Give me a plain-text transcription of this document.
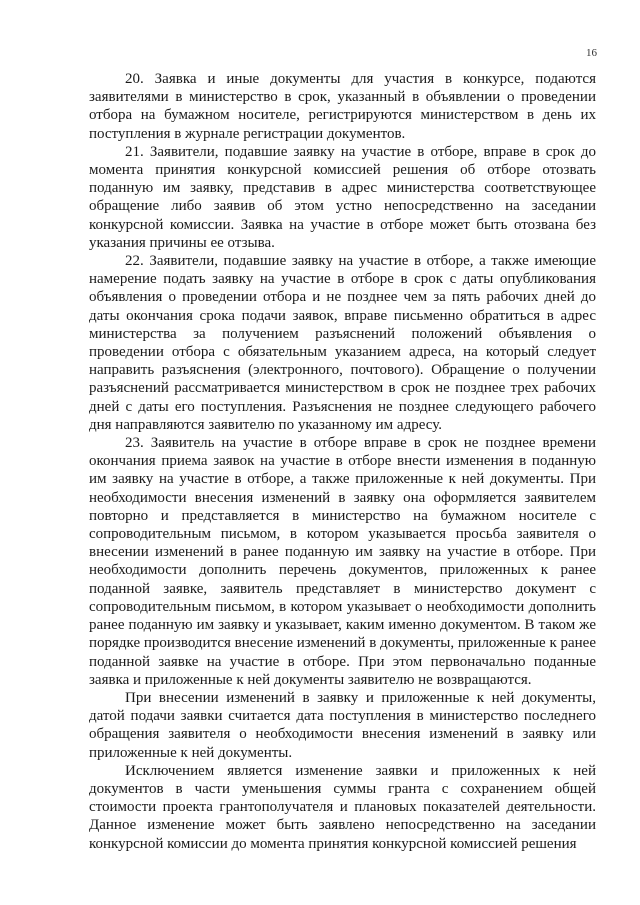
16

20. Заявка и иные документы для участия в конкурсе, подаются заявителями в министерство в срок, указанный в объявлении о проведении отбора на бумажном носителе, регистрируются министерством в день их поступления в журнале регистрации документов.

21. Заявители, подавшие заявку на участие в отборе, вправе в срок до момента принятия конкурсной комиссией решения об отборе отозвать поданную им заявку, представив в адрес министерства соответствующее обращение либо заявив об этом устно непосредственно на заседании конкурсной комиссии. Заявка на участие в отборе может быть отозвана без указания причины ее отзыва.

22. Заявители, подавшие заявку на участие в отборе, а также имеющие намерение подать заявку на участие в отборе в срок с даты опубликования объявления о проведении отбора и не позднее чем за пять рабочих дней до даты окончания срока подачи заявок, вправе письменно обратиться в адрес министерства за получением разъяснений положений объявления о проведении отбора с обязательным указанием адреса, на который следует направить разъяснения (электронного, почтового). Обращение о получении разъяснений рассматривается министерством в срок не позднее трех рабочих дней с даты его поступления. Разъяснения не позднее следующего рабочего дня направляются заявителю по указанному им адресу.

23. Заявитель на участие в отборе вправе в срок не позднее времени окончания приема заявок на участие в отборе внести изменения в поданную им заявку на участие в отборе, а также приложенные к ней документы. При необходимости внесения изменений в заявку она оформляется заявителем повторно и представляется в министерство на бумажном носителе с сопроводительным письмом, в котором указывается просьба заявителя о внесении изменений в ранее поданную им заявку на участие в отборе. При необходимости дополнить перечень документов, приложенных к ранее поданной заявке, заявитель представляет в министерство документ с сопроводительным письмом, в котором указывает о необходимости дополнить ранее поданную им заявку и указывает, каким именно документом. В таком же порядке производится внесение изменений в документы, приложенные к ранее поданной заявке на участие в отборе. При этом первоначально поданные заявка и приложенные к ней документы заявителю не возвращаются.

При внесении изменений в заявку и приложенные к ней документы, датой подачи заявки считается дата поступления в министерство последнего обращения заявителя о необходимости внесения изменений в заявку или приложенные к ней документы.

Исключением является изменение заявки и приложенных к ней документов в части уменьшения суммы гранта с сохранением общей стоимости проекта грантополучателя и плановых показателей деятельности. Данное изменение может быть заявлено непосредственно на заседании конкурсной комиссии до момента принятия конкурсной комиссией решения
